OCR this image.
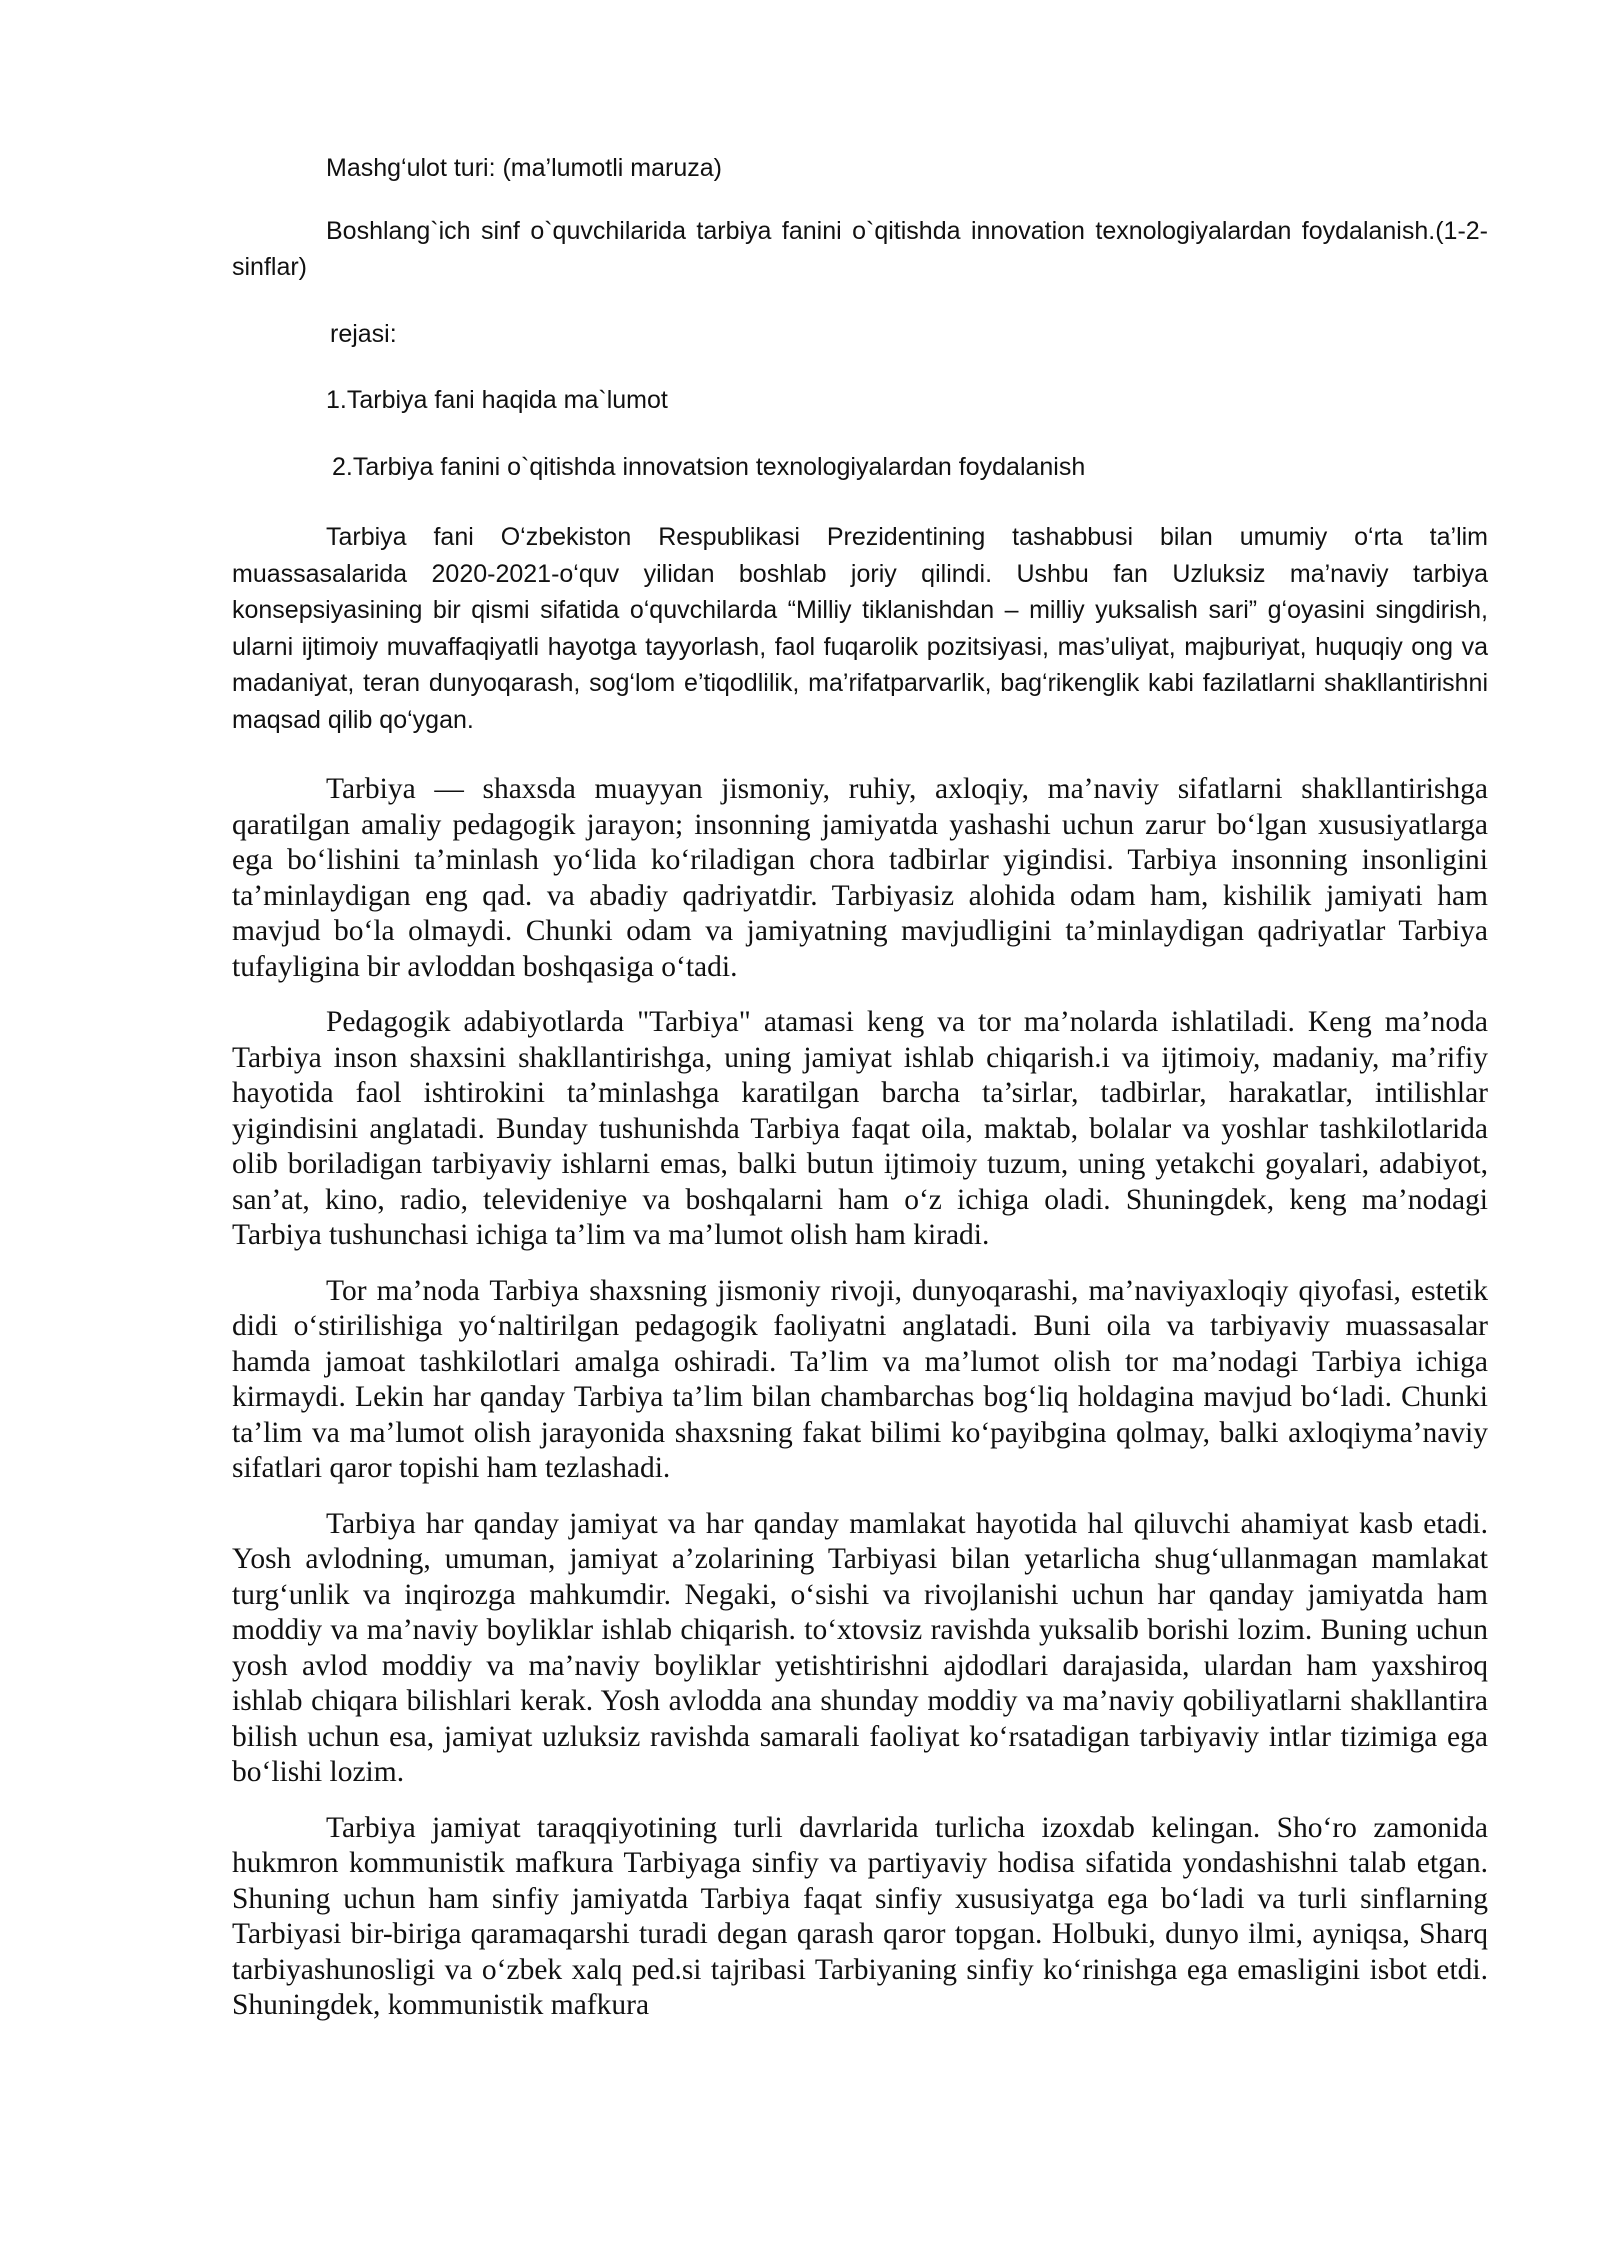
Mashg‘ulot turi: (ma’lumotli maruza)

Boshlang`ich sinf o`quvchilarida tarbiya fanini o`qitishda innovation texnologiyalardan foydalanish.(1-2- sinflar)

rejasi:

1.Tarbiya fani haqida ma`lumot

2.Tarbiya fanini o`qitishda innovatsion texnologiyalardan foydalanish

Tarbiya fani O‘zbekiston Respublikasi Prezidentining tashabbusi bilan umumiy o‘rta ta’lim muassasalarida 2020-2021-o‘quv yilidan boshlab joriy qilindi. Ushbu fan Uzluksiz ma’naviy tarbiya konsepsiyasining bir qismi sifatida o‘quvchilarda “Milliy tiklanishdan – milliy yuksalish sari” g‘oyasini singdirish, ularni ijtimoiy muvaffaqiyatli hayotga tayyorlash, faol fuqarolik pozitsiyasi, mas’uliyat, majburiyat, huquqiy ong va madaniyat, teran dunyoqarash, sog‘lom e’tiqodlilik, ma’rifatparvarlik, bag‘rikenglik kabi fazilatlarni shakllantirishni maqsad qilib qo‘ygan.

Tarbiya — shaxsda muayyan jismoniy, ruhiy, axloqiy, ma’naviy sifatlarni shakllantirishga qaratilgan amaliy pedagogik jarayon; insonning jamiyatda yashashi uchun zarur bo‘lgan xususiyatlarga ega bo‘lishini ta’minlash yo‘lida ko‘riladigan chora tadbirlar yigindisi. Tarbiya insonning insonligini ta’minlaydigan eng qad. va abadiy qadriyatdir. Tarbiyasiz alohida odam ham, kishilik jamiyati ham mavjud bo‘la olmaydi. Chunki odam va jamiyatning mavjudligini ta’minlaydigan qadriyatlar Tarbiya tufayligina bir avloddan boshqasiga o‘tadi.

Pedagogik adabiyotlarda "Tarbiya" atamasi keng va tor ma’nolarda ishlatiladi. Keng ma’noda Tarbiya inson shaxsini shakllantirishga, uning jamiyat ishlab chiqarish.i va ijtimoiy, madaniy, ma’rifiy hayotida faol ishtirokini ta’minlashga karatilgan barcha ta’sirlar, tadbirlar, harakatlar, intilishlar yigindisini anglatadi. Bunday tushunishda Tarbiya faqat oila, maktab, bolalar va yoshlar tashkilotlarida olib boriladigan tarbiyaviy ishlarni emas, balki butun ijtimoiy tuzum, uning yetakchi goyalari, adabiyot, san’at, kino, radio, televideniye va boshqalarni ham o‘z ichiga oladi. Shuningdek, keng ma’nodagi Tarbiya tushunchasi ichiga ta’lim va ma’lumot olish ham kiradi.

Tor ma’noda Tarbiya shaxsning jismoniy rivoji, dunyoqarashi, ma’naviyaxloqiy qiyofasi, estetik didi o‘stirilishiga yo‘naltirilgan pedagogik faoliyatni anglatadi. Buni oila va tarbiyaviy muassasalar hamda jamoat tashkilotlari amalga oshiradi. Ta’lim va ma’lumot olish tor ma’nodagi Tarbiya ichiga kirmaydi. Lekin har qanday Tarbiya ta’lim bilan chambarchas bog‘liq holdagina mavjud bo‘ladi. Chunki ta’lim va ma’lumot olish jarayonida shaxsning fakat bilimi ko‘payibgina qolmay, balki axloqiyma’naviy sifatlari qaror topishi ham tezlashadi.

Tarbiya har qanday jamiyat va har qanday mamlakat hayotida hal qiluvchi ahamiyat kasb etadi. Yosh avlodning, umuman, jamiyat a’zolarining Tarbiyasi bilan yetarlicha shug‘ullanmagan mamlakat turg‘unlik va inqirozga mahkumdir. Negaki, o‘sishi va rivojlanishi uchun har qanday jamiyatda ham moddiy va ma’naviy boyliklar ishlab chiqarish. to‘xtovsiz ravishda yuksalib borishi lozim. Buning uchun yosh avlod moddiy va ma’naviy boyliklar yetishtirishni ajdodlari darajasida, ulardan ham yaxshiroq ishlab chiqara bilishlari kerak. Yosh avlodda ana shunday moddiy va ma’naviy qobiliyatlarni shakllantira bilish uchun esa, jamiyat uzluksiz ravishda samarali faoliyat ko‘rsatadigan tarbiyaviy intlar tizimiga ega bo‘lishi lozim.

Tarbiya jamiyat taraqqiyotining turli davrlarida turlicha izoxdab kelingan. Sho‘ro zamonida hukmron kommunistik mafkura Tarbiyaga sinfiy va partiyaviy hodisa sifatida yondashishni talab etgan. Shuning uchun ham sinfiy jamiyatda Tarbiya faqat sinfiy xususiyatga ega bo‘ladi va turli sinflarning Tarbiyasi bir-biriga qaramaqarshi turadi degan qarash qaror topgan. Holbuki, dunyo ilmi, ayniqsa, Sharq tarbiyashunosligi va o‘zbek xalq ped.si tajribasi Tarbiyaning sinfiy ko‘rinishga ega emasligini isbot etdi. Shuningdek, kommunistik mafkura
